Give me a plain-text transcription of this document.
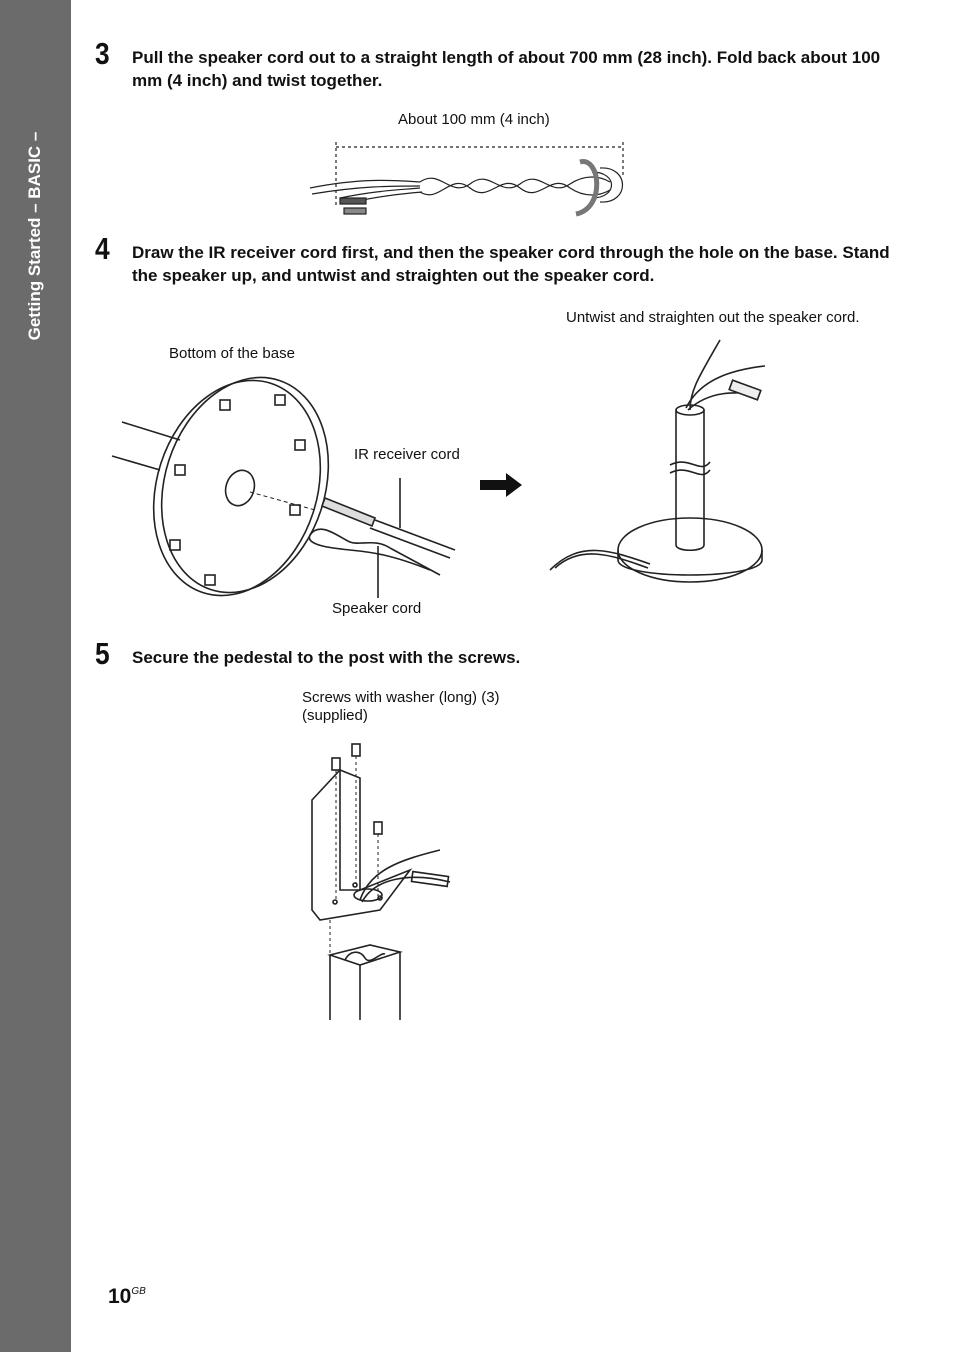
Getting Started – BASIC –
3 Pull the speaker cord out to a straight length of about 700 mm (28 inch). Fold back about 100 mm (4 inch) and twist together.
About 100 mm (4 inch)
4 Draw the IR receiver cord first, and then the speaker cord through the hole on the base. Stand the speaker up, and untwist and straighten out the speaker cord.
Untwist and straighten out the speaker cord.
Bottom of the base
IR receiver cord
Speaker cord
5 Secure the pedestal to the post with the screws.
Screws with washer (long) (3)
(supplied)
$10^{GB}$
